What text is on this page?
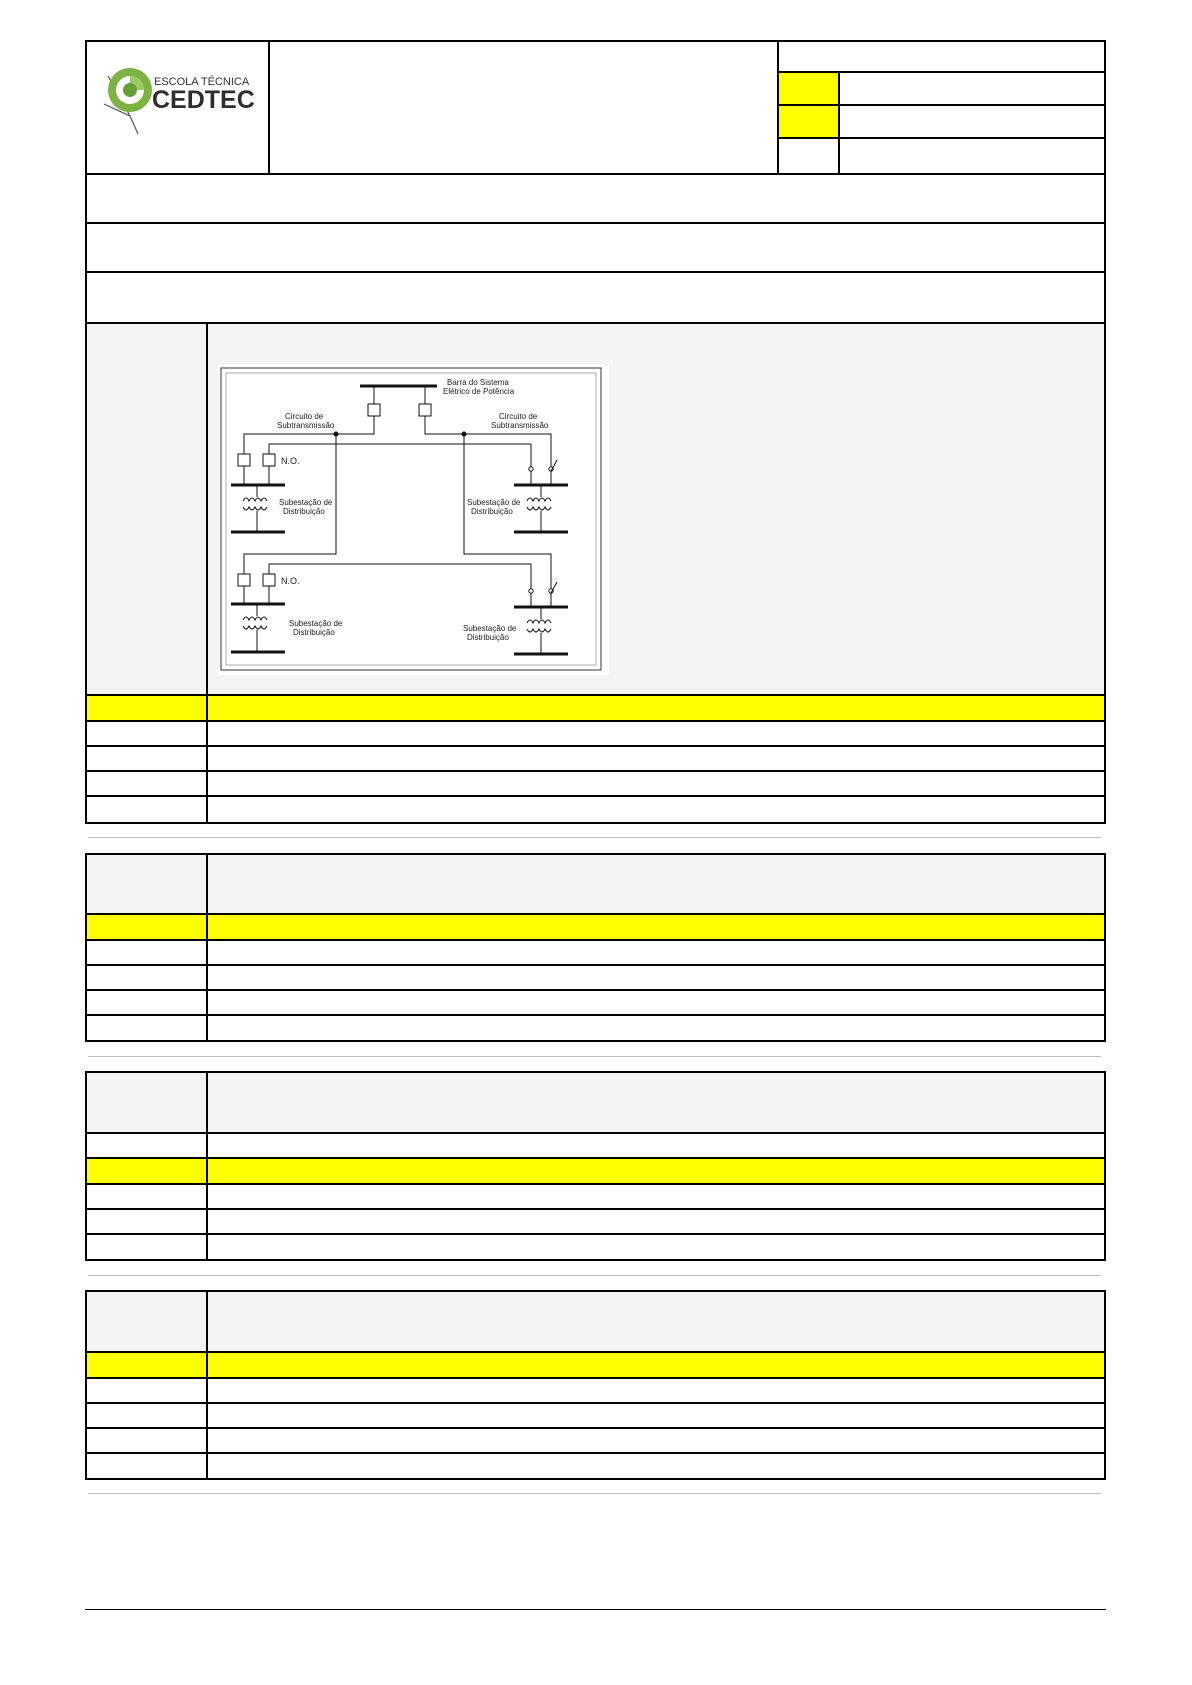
ESCOLA TÉCNICA
CEDTEC
Barra do Sistema
Elétrico de Potência
Circuito de
Subtransmissão
Circuito de
Subtransmissão
N.O.
Subestação de
Distribuição
Subestação de
Distribuição
N.O.
Subestação de
Distribuição	Subestação de
Distribuição
